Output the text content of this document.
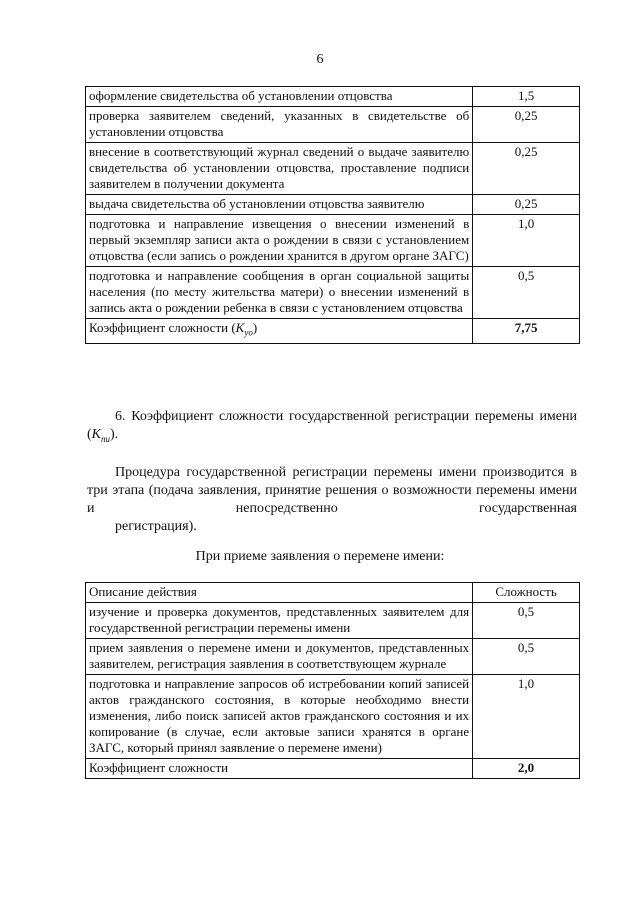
6
оформление свидетельства об установлении отцовства	1,5
проверка заявителем сведений, указанных в свидетельстве об установлении отцовства	0,25
внесение в соответствующий журнал сведений о выдаче заявителю свидетельства об установлении отцовства, проставление подписи заявителем в получении документа	0,25
выдача свидетельства об установлении отцовства заявителю	0,25
подготовка и направление извещения о внесении изменений в первый экземпляр записи акта о рождении в связи с установлением отцовства (если запись о рождении хранится в другом органе ЗАГС)	1,0
подготовка и направление сообщения в орган социальной защиты населения (по месту жительства матери) о внесении изменений в запись акта о рождении ребенка в связи с установлением отцовства	0,5
Коэффициент сложности $(K_{уо})$	7,75
6. Коэффициент сложности государственной регистрации перемены имени $(K_{пи})$.
Процедура государственной регистрации перемены имени производится в три этапа (подача заявления, принятие решения о возможности перемены имени и непосредственно государственная
регистрация).
При приеме заявления о перемене имени:
Описание действия	Сложность
изучение и проверка документов, представленных заявителем для государственной регистрации перемены имени	0,5
прием заявления о перемене имени и документов, представленных заявителем, регистрация заявления в соответствующем журнале	0,5
подготовка и направление запросов об истребовании копий записей актов гражданского состояния, в которые необходимо внести изменения, либо поиск записей актов гражданского состояния и их копирование (в случае, если актовые записи хранятся в органе ЗАГС, который принял заявление о перемене имени)	1,0
Коэффициент сложности	2,0
